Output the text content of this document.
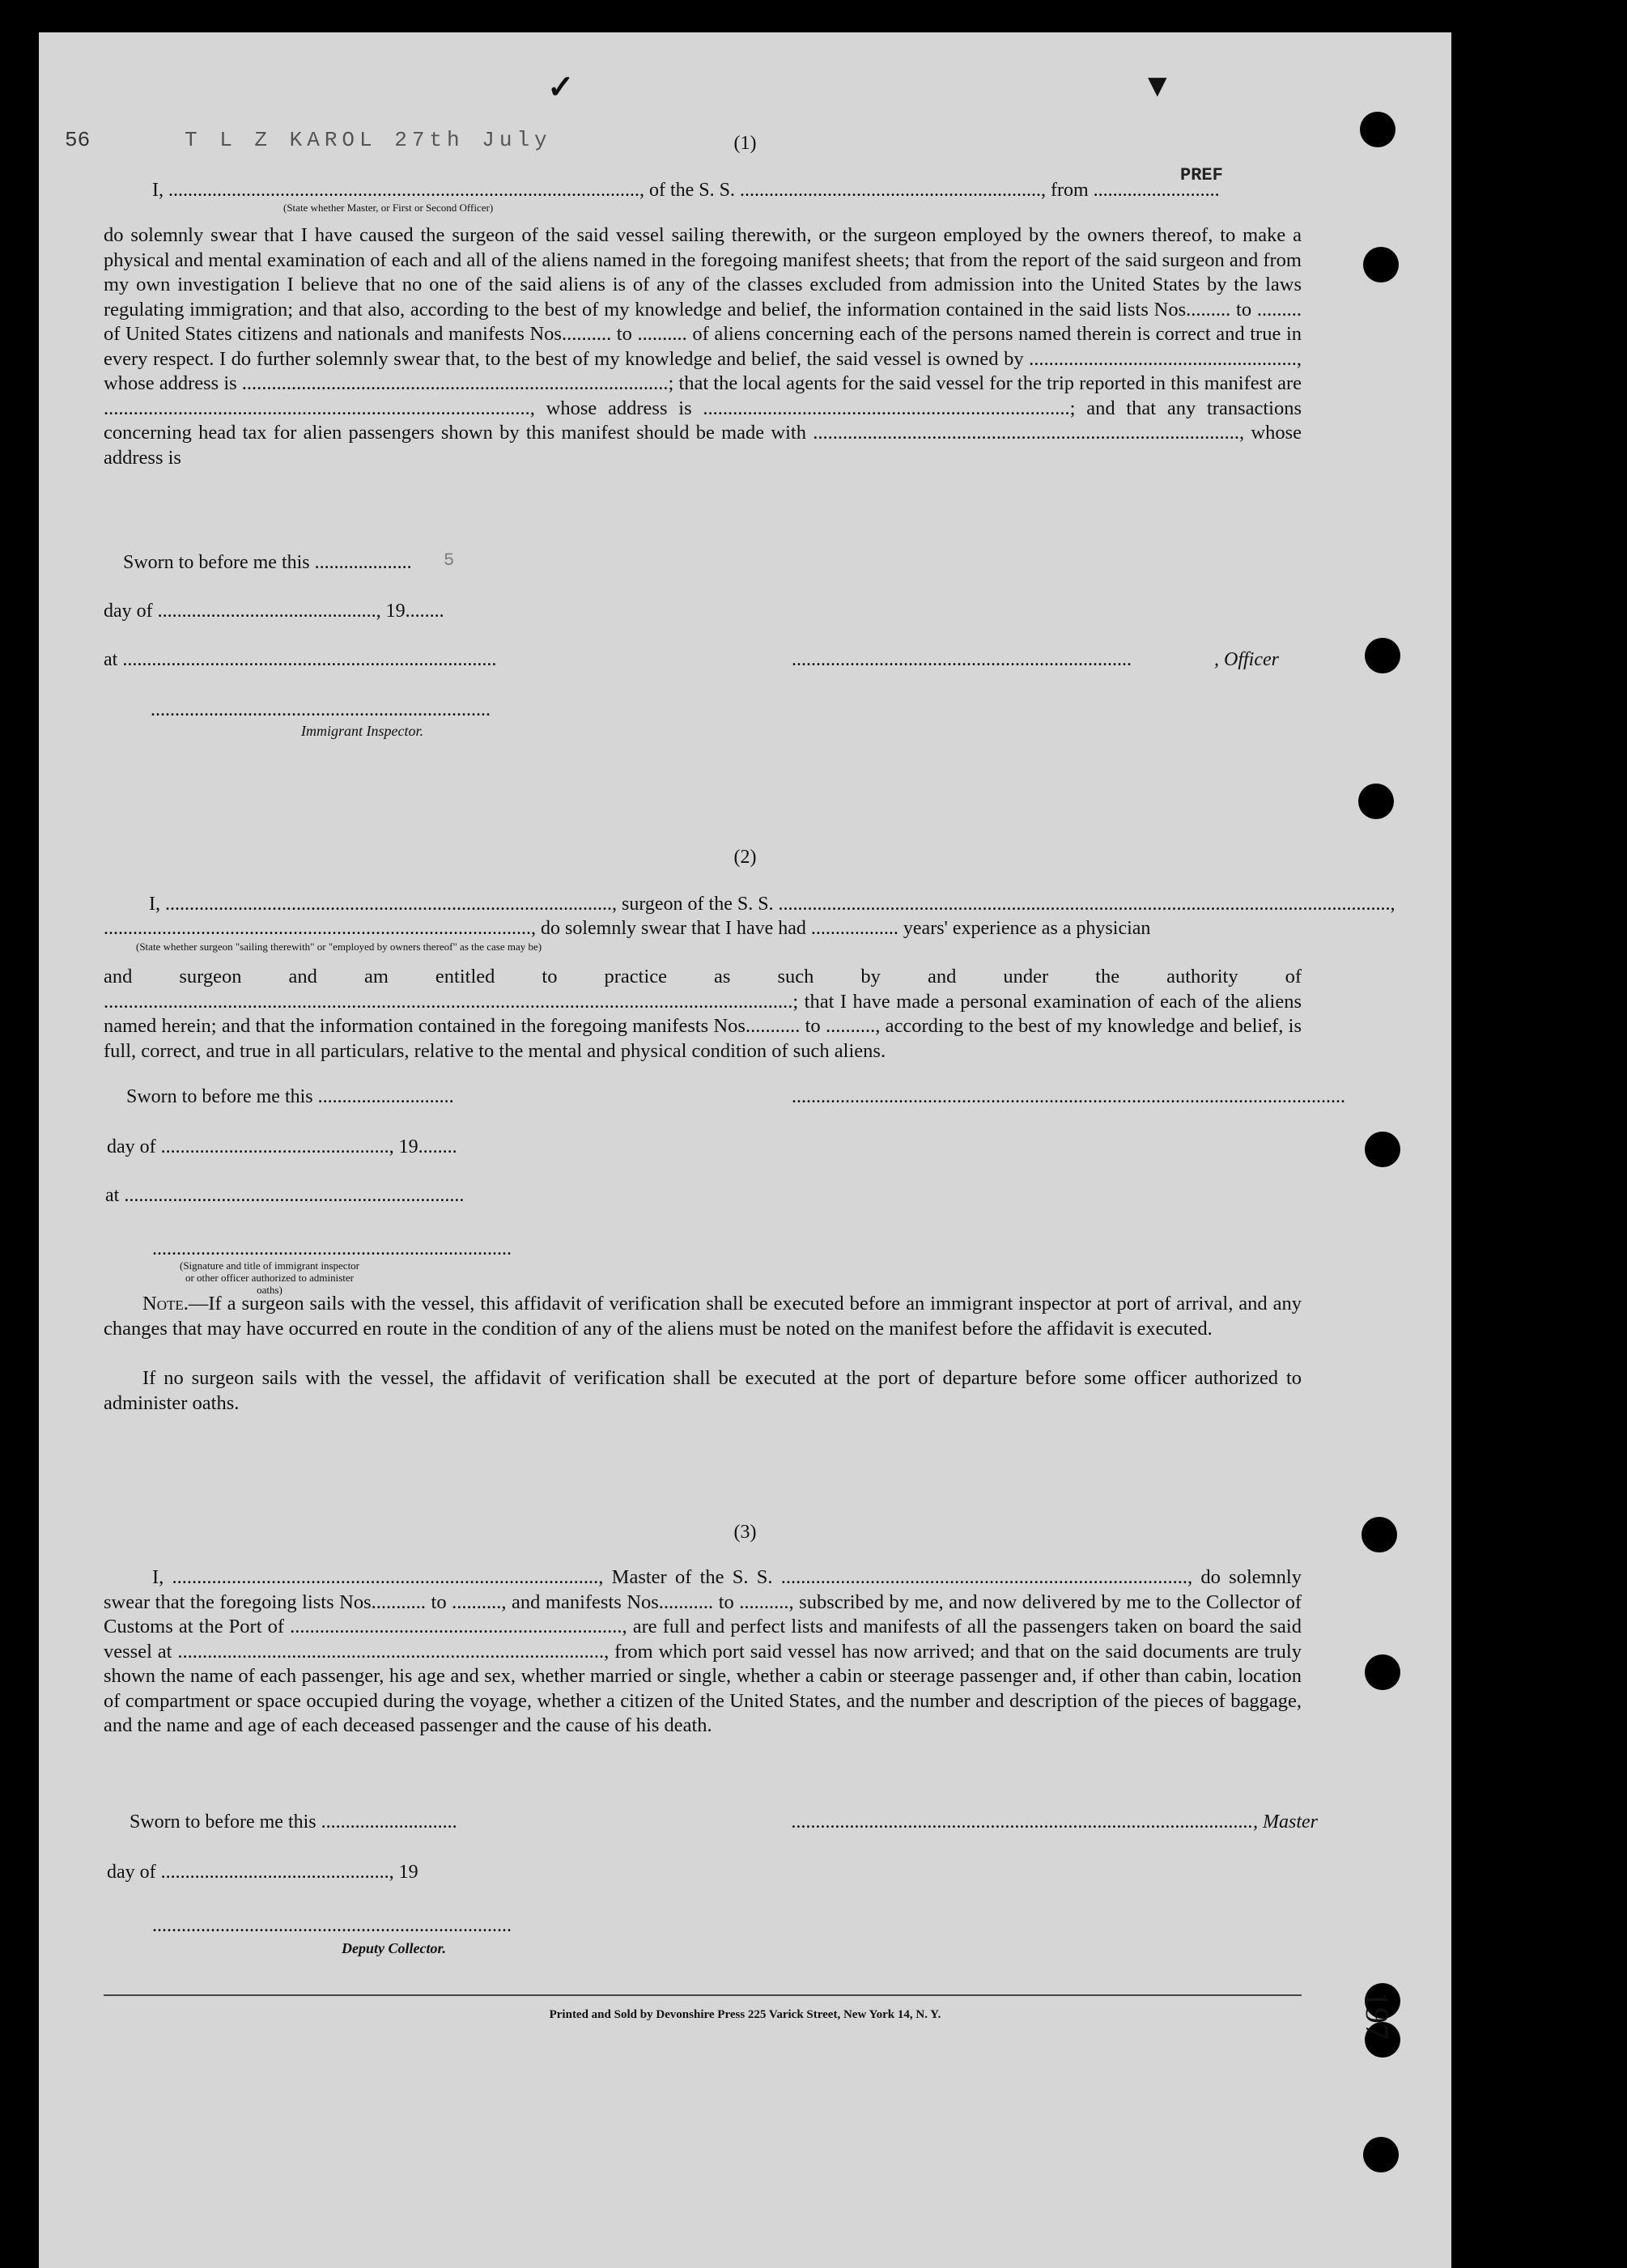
✓	▼
56	T L Z KAROL 27th July
PREF
5
(1)
I, ................................................................................................., of the S. S. .............................................................., from ..........................
(State whether Master, or First or Second Officer)
do solemnly swear that I have caused the surgeon of the said vessel sailing therewith, or the surgeon employed by the owners thereof, to make a physical and mental examination of each and all of the aliens named in the foregoing manifest sheets; that from the report of the said surgeon and from my own investigation I believe that no one of the said aliens is of any of the classes excluded from admission into the United States by the laws regulating immigration; and that also, according to the best of my knowledge and belief, the information contained in the said lists Nos......... to ......... of United States citizens and nationals and manifests Nos.......... to .......... of aliens concerning each of the persons named therein is correct and true in every respect. I do further solemnly swear that, to the best of my knowledge and belief, the said vessel is owned by ......................................................, whose address is ......................................................................................; that the local agents for the said vessel for the trip reported in this manifest are ......................................................................................, whose address is ..........................................................................; and that any transactions concerning head tax for alien passengers shown by this manifest should be made with ......................................................................................, whose address is
Sworn to before me this ....................
day of ............................................., 19........
at .............................................................................	......................................................................	, Officer
......................................................................
Immigrant Inspector.
(2)
I, ............................................................................................, surgeon of the S. S. ..............................................................................................................................,
........................................................................................, do solemnly swear that I have had .................. years' experience as a physician
(State whether surgeon "sailing therewith" or "employed by owners thereof" as the case may be)
and surgeon and am entitled to practice as such by and under the authority of ...........................................................................................................................................; that I have made a personal examination of each of the aliens named herein; and that the information contained in the foregoing manifests Nos........... to .........., according to the best of my knowledge and belief, is full, correct, and true in all particulars, relative to the mental and physical condition of such aliens.
Sworn to before me this ............................	..................................................................................................................
day of ..............................................., 19........
at ......................................................................
..........................................................................
(Signature and title of immigrant inspector or other officer authorized to administer oaths)
Note.—If a surgeon sails with the vessel, this affidavit of verification shall be executed before an immigrant inspector at port of arrival, and any changes that may have occurred en route in the condition of any of the aliens must be noted on the manifest before the affidavit is executed.
If no surgeon sails with the vessel, the affidavit of verification shall be executed at the port of departure before some officer authorized to administer oaths.
(3)
I, ......................................................................................, Master of the S. S. .................................................................................., do solemnly swear that the foregoing lists Nos........... to .........., and manifests Nos........... to .........., subscribed by me, and now delivered by me to the Collector of Customs at the Port of ..................................................................., are full and perfect lists and manifests of all the passengers taken on board the said vessel at ......................................................................................, from which port said vessel has now arrived; and that on the said documents are truly shown the name of each passenger, his age and sex, whether married or single, whether a cabin or steerage passenger and, if other than cabin, location of compartment or space occupied during the voyage, whether a citizen of the United States, and the number and description of the pieces of baggage, and the name and age of each deceased passenger and the cause of his death.
Sworn to before me this ............................	..............................................................................................., Master
day of ..............................................., 19
..........................................................................
Deputy Collector.
Printed and Sold by Devonshire Press 225 Varick Street, New York 14, N. Y.	197
